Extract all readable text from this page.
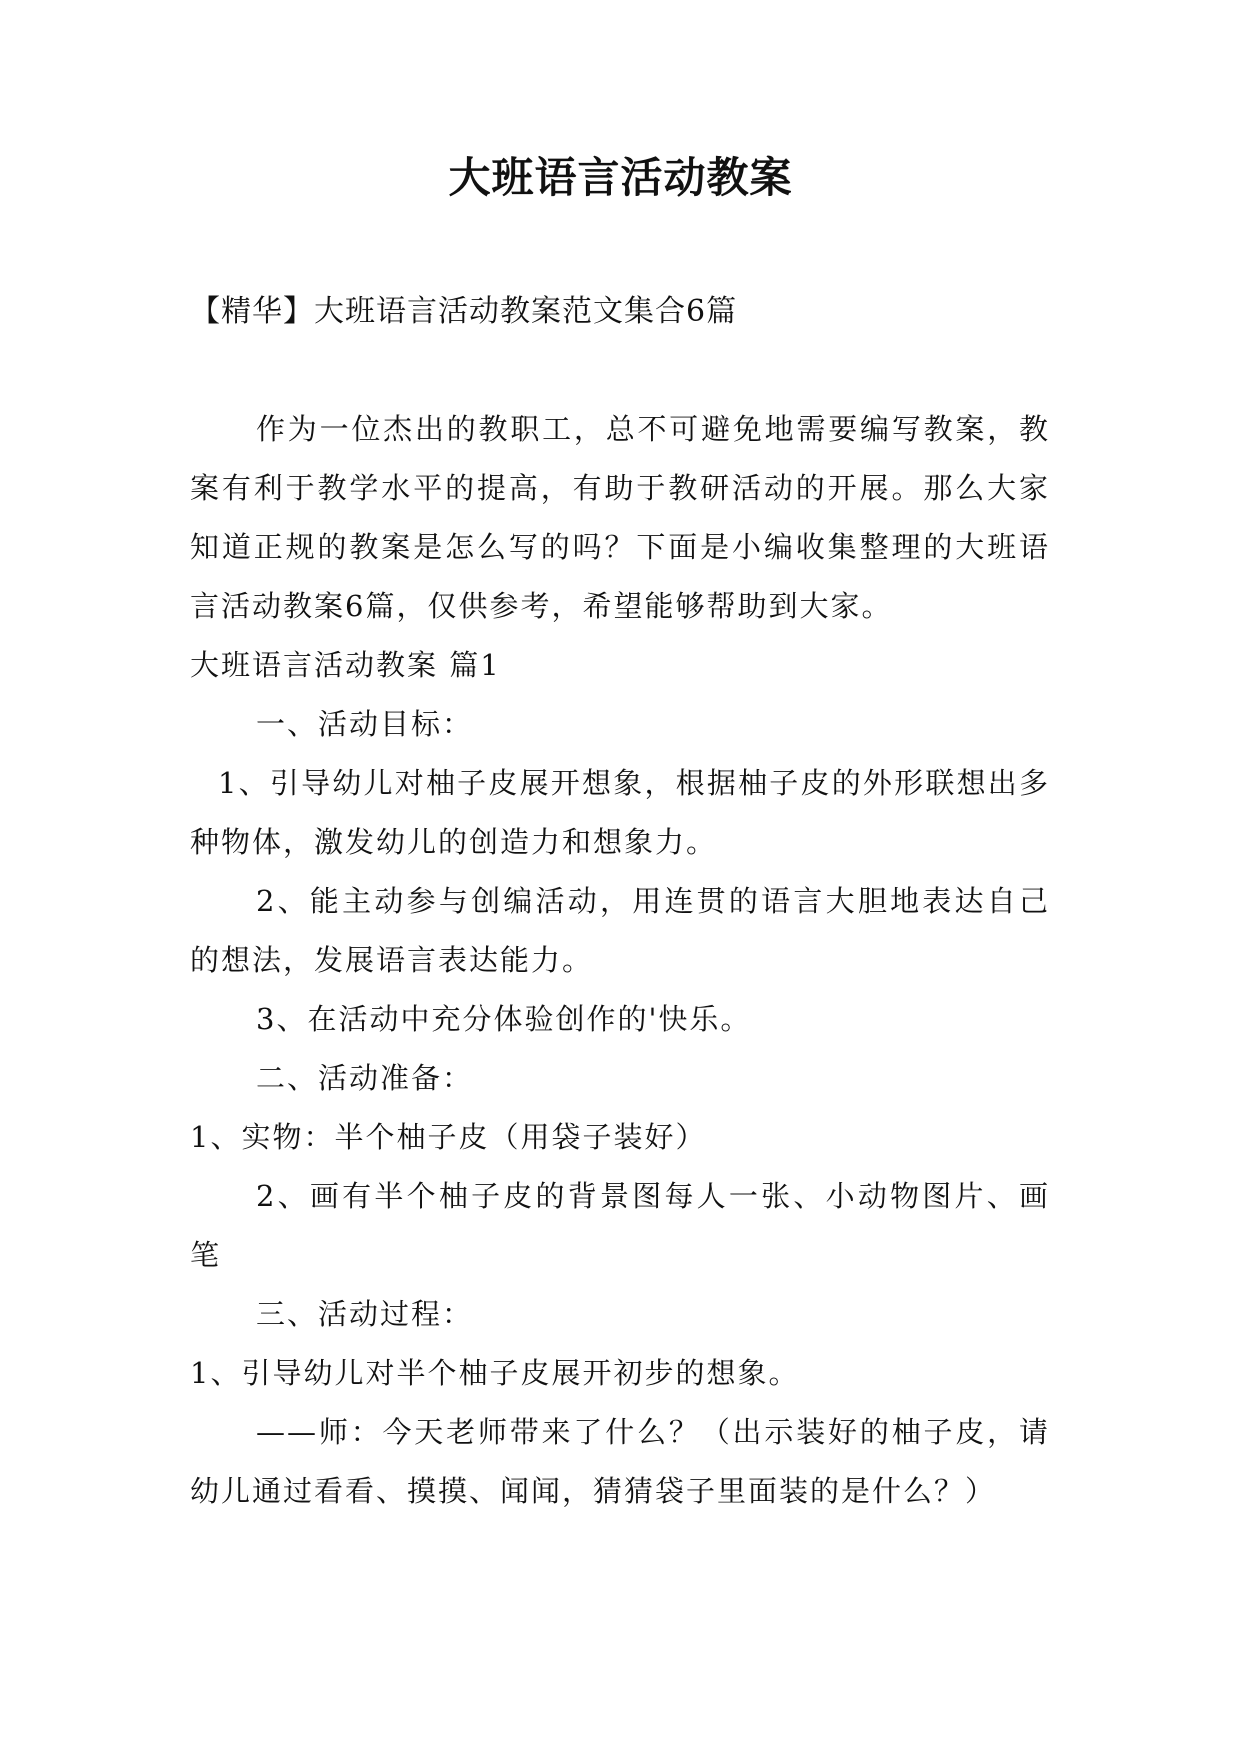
大班语言活动教案
【精华】大班语言活动教案范文集合6篇

作为一位杰出的教职工，总不可避免地需要编写教案，教案有利于教学水平的提高，有助于教研活动的开展。那么大家知道正规的教案是怎么写的吗？下面是小编收集整理的大班语言活动教案6篇，仅供参考，希望能够帮助到大家。

大班语言活动教案 篇1

一、活动目标：

1、引导幼儿对柚子皮展开想象，根据柚子皮的外形联想出多种物体，激发幼儿的创造力和想象力。

2、能主动参与创编活动，用连贯的语言大胆地表达自己的想法，发展语言表达能力。

3、在活动中充分体验创作的'快乐。

二、活动准备：

1、实物：半个柚子皮（用袋子装好）

2、画有半个柚子皮的背景图每人一张、小动物图片、画笔

三、活动过程：

1、引导幼儿对半个柚子皮展开初步的想象。

——师：今天老师带来了什么？（出示装好的柚子皮，请幼儿通过看看、摸摸、闻闻，猜猜袋子里面装的是什么？）
